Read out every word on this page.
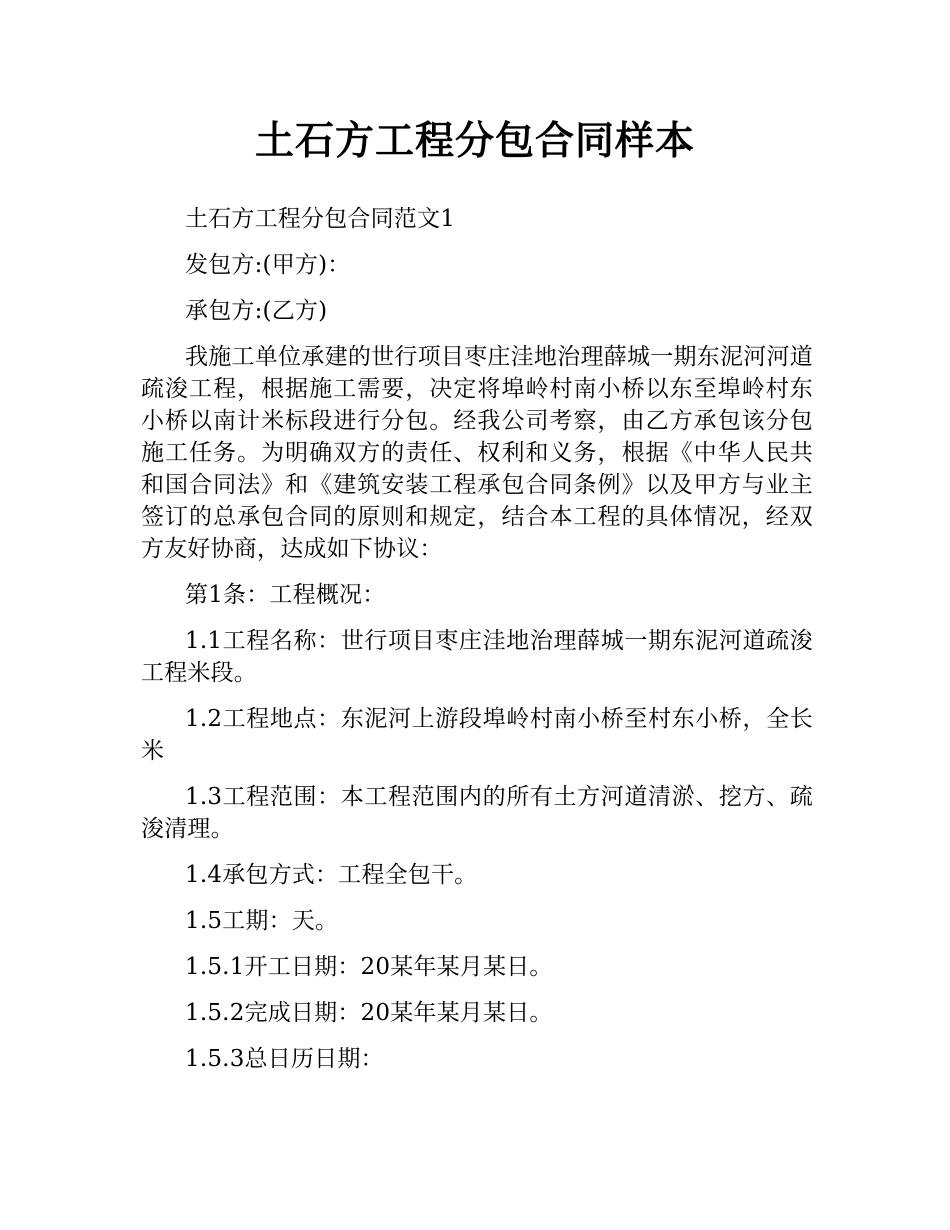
土石方工程分包合同样本

土石方工程分包合同范文1

发包方:(甲方)：

承包方:(乙方)

我施工单位承建的世行项目枣庄洼地治理薛城一期东泥河河道疏浚工程，根据施工需要，决定将埠岭村南小桥以东至埠岭村东小桥以南计米标段进行分包。经我公司考察，由乙方承包该分包施工任务。为明确双方的责任、权利和义务，根据《中华人民共和国合同法》和《建筑安装工程承包合同条例》以及甲方与业主签订的总承包合同的原则和规定，结合本工程的具体情况，经双方友好协商，达成如下协议：

第1条：工程概况：

1.1工程名称：世行项目枣庄洼地治理薛城一期东泥河道疏浚工程米段。

1.2工程地点：东泥河上游段埠岭村南小桥至村东小桥，全长米

1.3工程范围：本工程范围内的所有土方河道清淤、挖方、疏浚清理。

1.4承包方式：工程全包干。

1.5工期：天。

1.5.1开工日期：20某年某月某日。

1.5.2完成日期：20某年某月某日。

1.5.3总日历日期：
